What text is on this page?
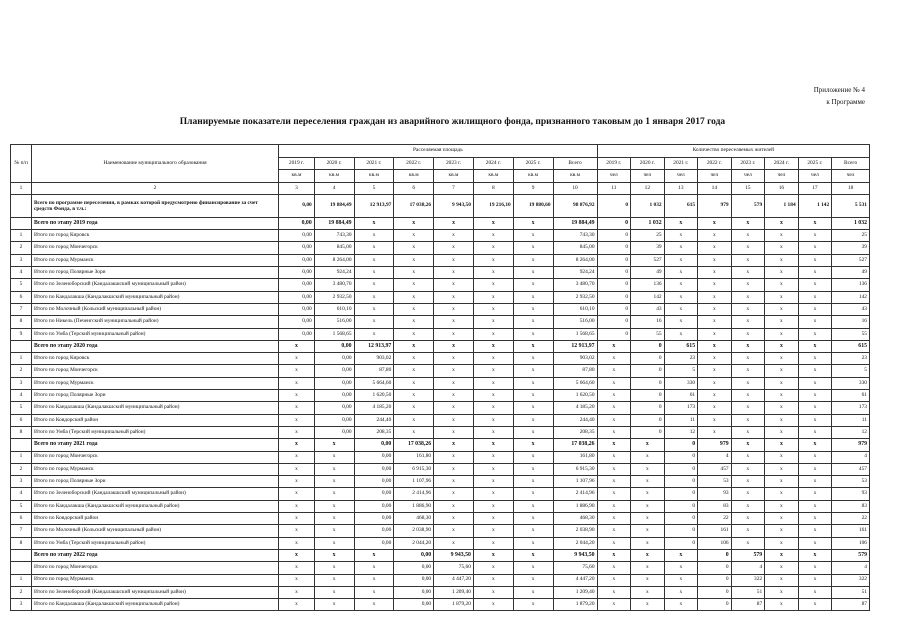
Приложение № 4
к Программе
Планируемые показатели переселения граждан из аварийного жилищного фонда, признанного таковым до 1 января 2017 года
№ п/п	Наименование муниципального образования	Расселяемая площадь								Количество переселяемых жителей							
		2019 г.	2020 г.	2021 г.	2022 г.	2023 г.	2024 г.	2025 г.	Всего	2019 г.	2020 г.	2021 г.	2022 г.	2023 г.	2024 г.	2025 г.	Всего
		кв.м	кв.м	кв.м	кв.м	кв.м	кв.м	кв.м	кв.м	чел	чел	чел	чел	чел	чел	чел	чел
1	2	3	4	5	6	7	8	9	10	11	12	13	14	15	16	17	18
	Всего по программе переселения, в рамках которой предусмотрено финансирование за счет средств Фонда, в т.ч.:	0,00	19 884,49	12 913,97	17 038,26	9 943,50	19 216,10	19 880,60	98 876,92	0	1 032	615	979	579	1 184	1 142	5 531
	Всего по этапу 2019 года	0,00	19 884,49	x	x	x	x	x	19 884,49	0	1 032	x	x	x	x	x	1 032
1	Итого по город Кировск	0,00	743,30	x	x	x	x	x	743,30	0	25	x	x	x	x	x	25
2	Итого по город Мончегорск	0,00	845,00	x	x	x	x	x	845,00	0	39	x	x	x	x	x	39
3	Итого по город Мурманск	0,00	8 264,00	x	x	x	x	x	8 264,00	0	527	x	x	x	x	x	527
4	Итого по город Полярные Зори	0,00	924,24	x	x	x	x	x	924,24	0	49	x	x	x	x	x	49
5	Итого по Зеленоборский (Кандалакшский муниципальный район)	0,00	3 480,70	x	x	x	x	x	3 480,70	0	136	x	x	x	x	x	136
6	Итого по Кандалакша (Кандалакшский муниципальный район)	0,00	2 932,50	x	x	x	x	x	2 932,50	0	142	x	x	x	x	x	142
7	Итого по Молочный (Кольский муниципальный район)	0,00	610,10	x	x	x	x	x	610,10	0	43	x	x	x	x	x	43
8	Итого по Никель (Печенгский муниципальный район)	0,00	516,00	x	x	x	x	x	516,00	0	16	x	x	x	x	x	16
9	Итого по Умба (Терский муниципальный район)	0,00	1 568,65	x	x	x	x	x	1 568,65	0	55	x	x	x	x	x	55
	Всего по этапу 2020 года	x	0,00	12 913,97	x	x	x	x	12 913,97	x	0	615	x	x	x	x	615
1	Итого по город Кировск	x	0,00	903,02	x	x	x	x	903,02	x	0	23	x	x	x	x	23
2	Итого по город Мончегорск	x	0,00	87,80	x	x	x	x	87,80	x	0	5	x	x	x	x	5
3	Итого по город Мурманск	x	0,00	5 664,60	x	x	x	x	5 664,60	x	0	330	x	x	x	x	330
4	Итого по город Полярные Зори	x	0,00	1 620,50	x	x	x	x	1 620,50	x	0	61	x	x	x	x	61
5	Итого по Кандалакша (Кандалакшский муниципальный район)	x	0,00	4 185,20	x	x	x	x	4 185,20	x	0	173	x	x	x	x	173
6	Итого по Ковдорский район	x	0,00	244,40	x	x	x	x	244,40	x	0	11	x	x	x	x	11
8	Итого по Умба (Терский муниципальный район)	x	0,00	208,35	x	x	x	x	208,35	x	0	12	x	x	x	x	12
	Всего по этапу 2021 года	x	x	0,00	17 038,26	x	x	x	17 038,26	x	x	0	979	x	x	x	979
1	Итого по город Мончегорск	x	x	0,00	161,80	x	x	x	161,80	x	x	0	4	x	x	x	4
2	Итого по город Мурманск	x	x	0,00	6 915,30	x	x	x	6 915,30	x	x	0	457	x	x	x	457
3	Итого по город Полярные Зори	x	x	0,00	1 107,96	x	x	x	1 107,96	x	x	0	53	x	x	x	53
4	Итого по Зеленоборский (Кандалакшский муниципальный район)	x	x	0,00	2 414,96	x	x	x	2 414,96	x	x	0	93	x	x	x	93
5	Итого по Кандалакша (Кандалакшский муниципальный район)	x	x	0,00	1 886,90	x	x	x	1 886,90	x	x	0	83	x	x	x	83
6	Итого по Ковдорский район	x	x	0,00	468,30	x	x	x	468,30	x	x	0	22	x	x	x	22
7	Итого по Молочный (Кольский муниципальный район)	x	x	0,00	2 038,90	x	x	x	2 038,90	x	x	0	161	x	x	x	161
8	Итого по Умба (Терский муниципальный район)	x	x	0,00	2 044,20	x	x	x	2 044,20	x	x	0	106	x	x	x	106
	Всего по этапу 2022 года	x	x	x	0,00	9 943,50	x	x	9 943,50	x	x	x	0	579	x	x	579
	Итого по город Мончегорск	x	x	x	0,00	75,60	x	x	75,60	x	x	x	0	4	x	x	4
1	Итого по город Мурманск	x	x	x	0,00	4 447,20	x	x	4 447,20	x	x	x	0	322	x	x	322
2	Итого по Зеленоборский (Кандалакшский муниципальный район)	x	x	x	0,00	1 209,40	x	x	1 209,40	x	x	x	0	51	x	x	51
3	Итого по Кандалакша (Кандалакшский муниципальный район)	x	x	x	0,00	1 879,20	x	x	1 879,20	x	x	x	0	87	x	x	87
